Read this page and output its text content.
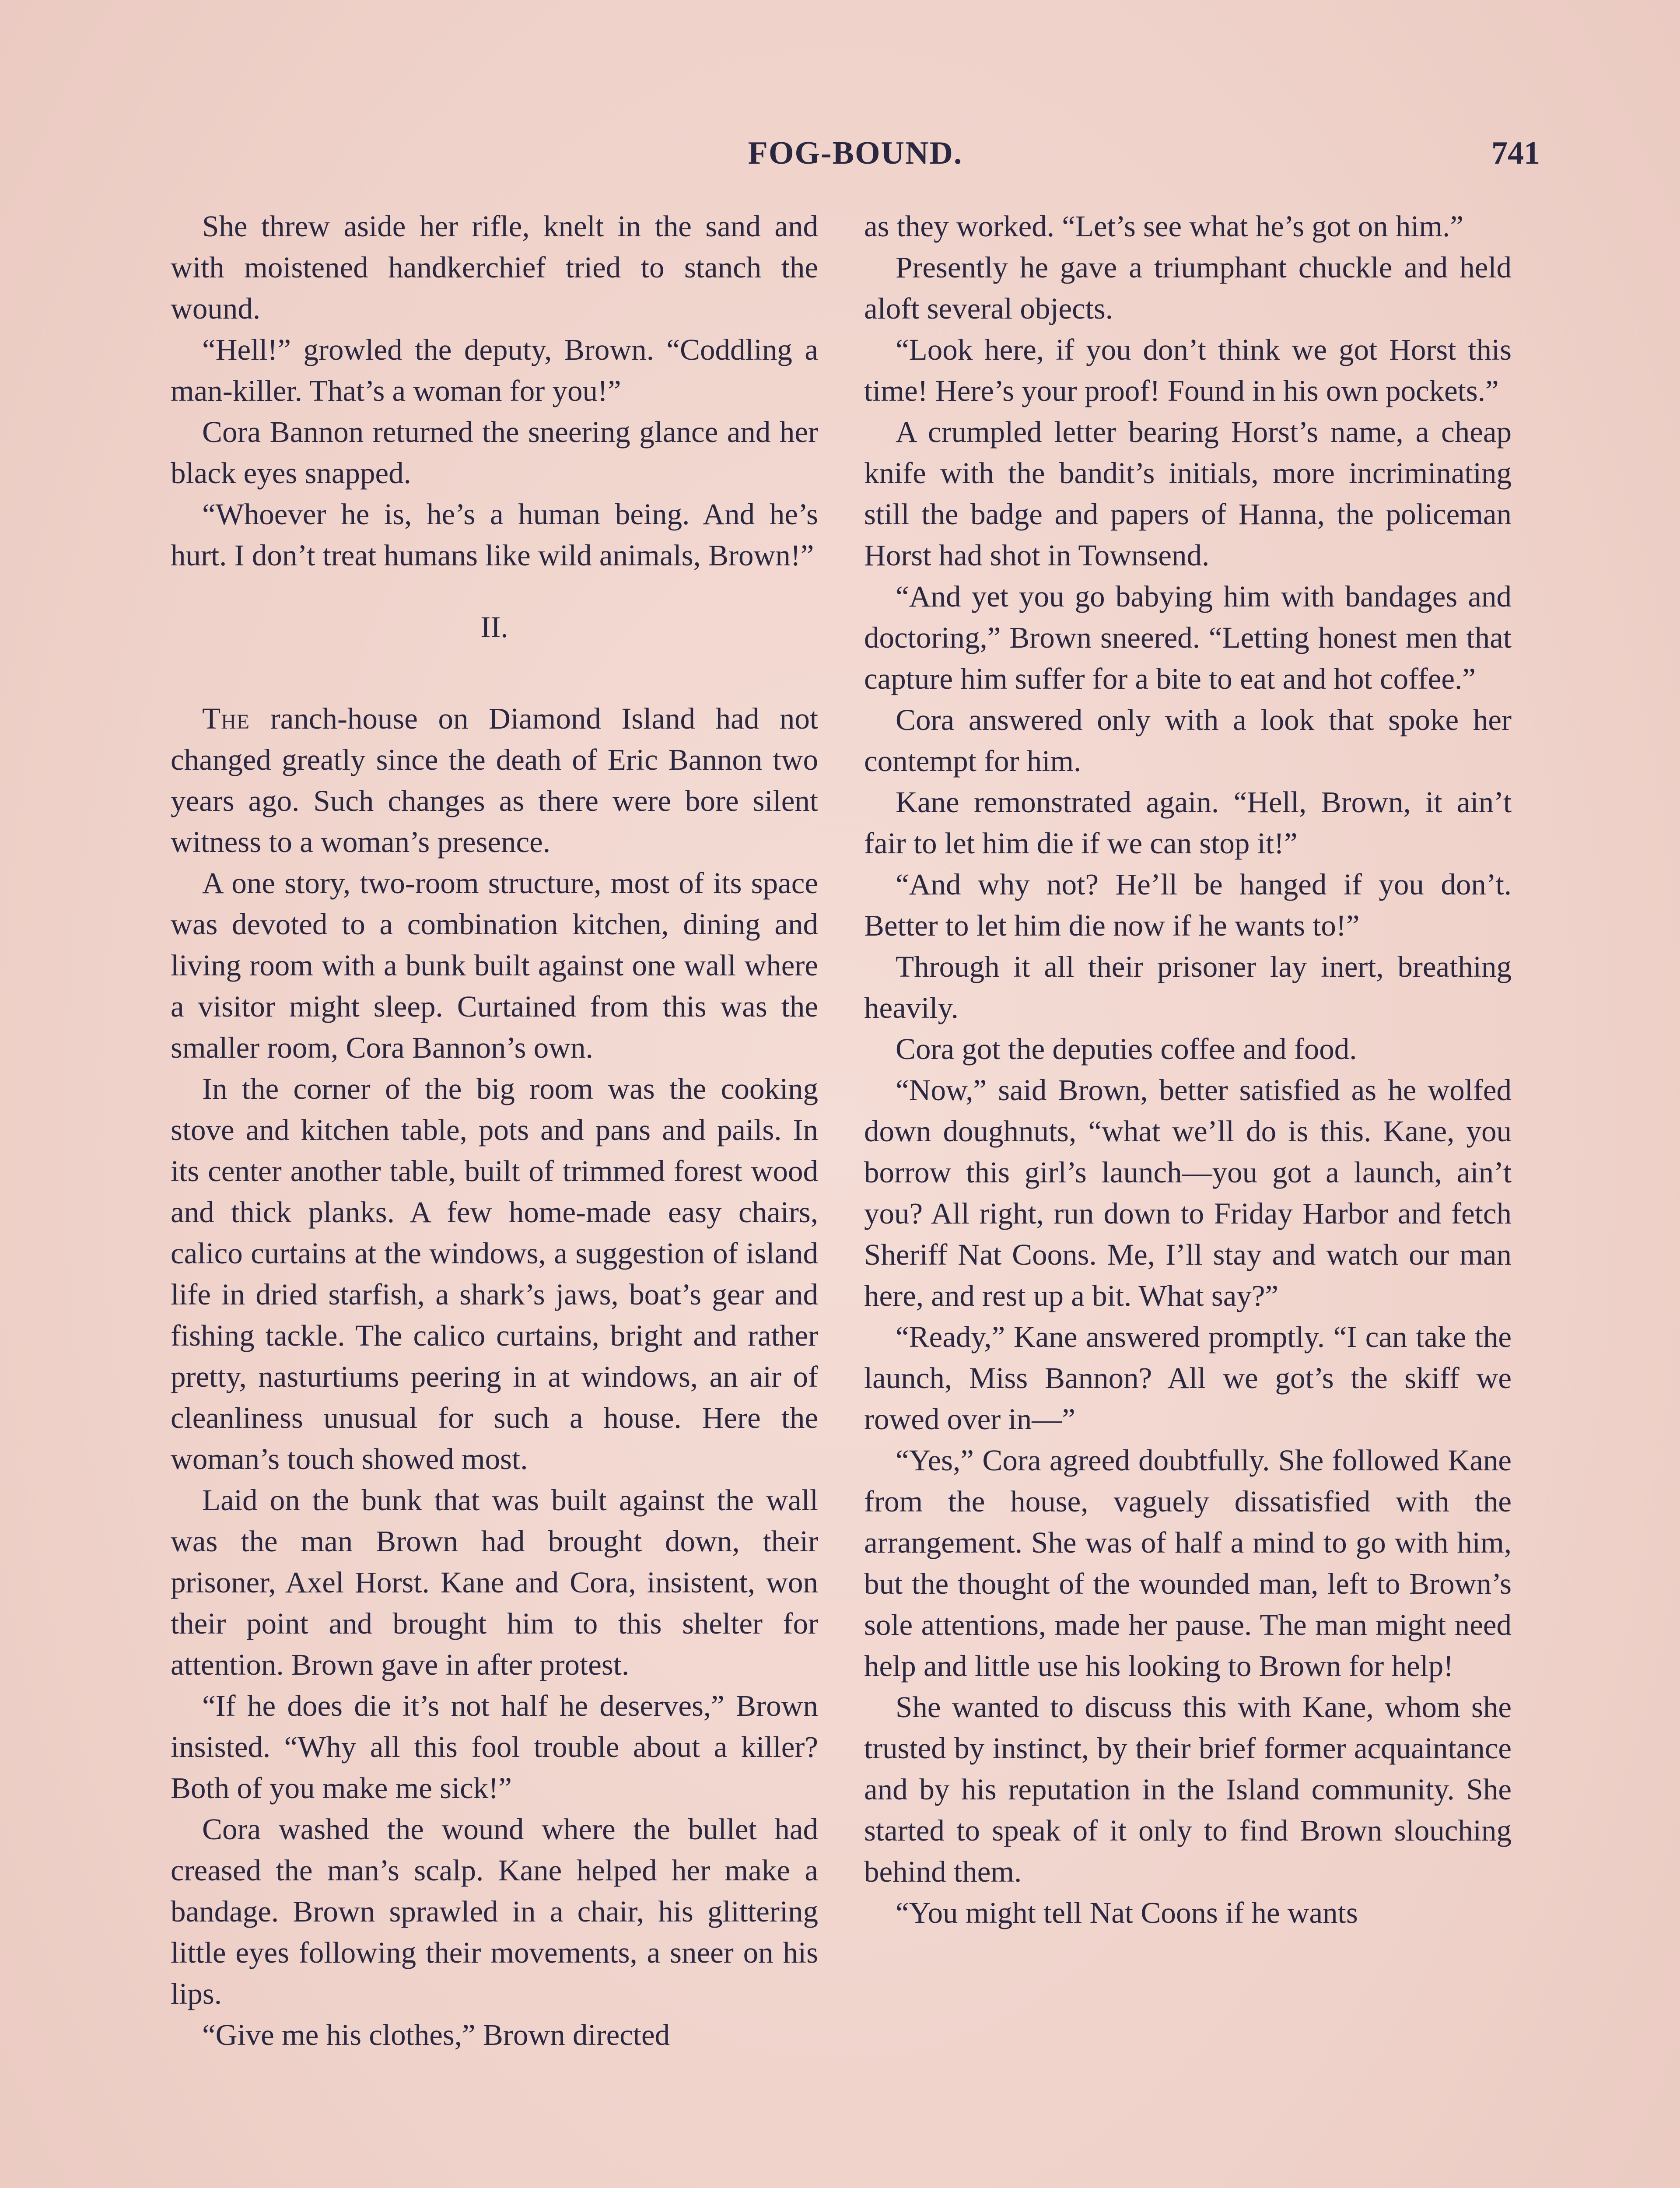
FOG-BOUND.	741

She threw aside her rifle, knelt in the sand and with moistened handkerchief tried to stanch the wound.

“Hell!” growled the deputy, Brown. “Coddling a man-killer. That’s a woman for you!”

Cora Bannon returned the sneering glance and her black eyes snapped.

“Whoever he is, he’s a human being. And he’s hurt. I don’t treat humans like wild animals, Brown!”

II.

The ranch-house on Diamond Island had not changed greatly since the death of Eric Bannon two years ago. Such changes as there were bore silent witness to a woman’s presence.

A one story, two-room structure, most of its space was devoted to a combination kitchen, dining and living room with a bunk built against one wall where a visitor might sleep. Curtained from this was the smaller room, Cora Bannon’s own.

In the corner of the big room was the cooking stove and kitchen table, pots and pans and pails. In its center another table, built of trimmed forest wood and thick planks. A few home-made easy chairs, calico curtains at the windows, a suggestion of island life in dried starfish, a shark’s jaws, boat’s gear and fishing tackle. The calico curtains, bright and rather pretty, nasturtiums peering in at windows, an air of cleanliness unusual for such a house. Here the woman’s touch showed most.

Laid on the bunk that was built against the wall was the man Brown had brought down, their prisoner, Axel Horst. Kane and Cora, insistent, won their point and brought him to this shelter for attention. Brown gave in after protest.

“If he does die it’s not half he deserves,” Brown insisted. “Why all this fool trouble about a killer? Both of you make me sick!”

Cora washed the wound where the bullet had creased the man’s scalp. Kane helped her make a bandage. Brown sprawled in a chair, his glittering little eyes following their movements, a sneer on his lips.

“Give me his clothes,” Brown directed

as they worked. “Let’s see what he’s got on him.”

Presently he gave a triumphant chuckle and held aloft several objects.

“Look here, if you don’t think we got Horst this time! Here’s your proof! Found in his own pockets.”

A crumpled letter bearing Horst’s name, a cheap knife with the bandit’s initials, more incriminating still the badge and papers of Hanna, the policeman Horst had shot in Townsend.

“And yet you go babying him with bandages and doctoring,” Brown sneered. “Letting honest men that capture him suffer for a bite to eat and hot coffee.”

Cora answered only with a look that spoke her contempt for him.

Kane remonstrated again. “Hell, Brown, it ain’t fair to let him die if we can stop it!”

“And why not? He’ll be hanged if you don’t. Better to let him die now if he wants to!”

Through it all their prisoner lay inert, breathing heavily.

Cora got the deputies coffee and food.

“Now,” said Brown, better satisfied as he wolfed down doughnuts, “what we’ll do is this. Kane, you borrow this girl’s launch—you got a launch, ain’t you? All right, run down to Friday Harbor and fetch Sheriff Nat Coons. Me, I’ll stay and watch our man here, and rest up a bit. What say?”

“Ready,” Kane answered promptly. “I can take the launch, Miss Bannon? All we got’s the skiff we rowed over in—”

“Yes,” Cora agreed doubtfully. She followed Kane from the house, vaguely dissatisfied with the arrangement. She was of half a mind to go with him, but the thought of the wounded man, left to Brown’s sole attentions, made her pause. The man might need help and little use his looking to Brown for help!

She wanted to discuss this with Kane, whom she trusted by instinct, by their brief former acquaintance and by his reputation in the Island community. She started to speak of it only to find Brown slouching behind them.

“You might tell Nat Coons if he wants
